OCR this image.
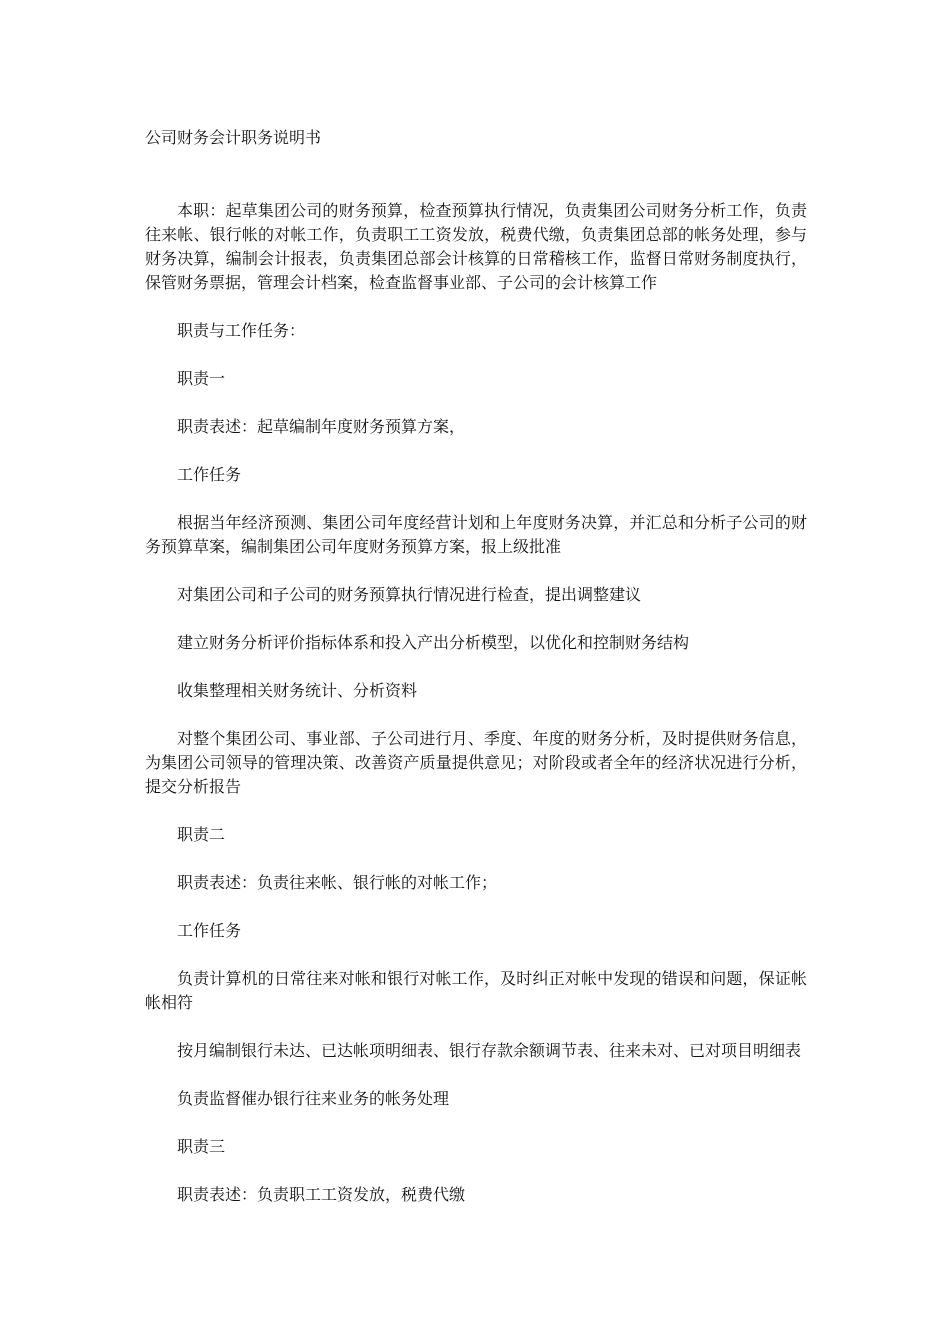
公司财务会计职务说明书

本职：起草集团公司的财务预算，检查预算执行情况，负责集团公司财务分析工作，负责往来帐、银行帐的对帐工作，负责职工工资发放，税费代缴，负责集团总部的帐务处理，参与财务决算，编制会计报表，负责集团总部会计核算的日常稽核工作，监督日常财务制度执行，保管财务票据，管理会计档案，检查监督事业部、子公司的会计核算工作

职责与工作任务：

职责一

职责表述：起草编制年度财务预算方案，

工作任务

根据当年经济预测、集团公司年度经营计划和上年度财务决算，并汇总和分析子公司的财务预算草案，编制集团公司年度财务预算方案，报上级批准

对集团公司和子公司的财务预算执行情况进行检查，提出调整建议

建立财务分析评价指标体系和投入产出分析模型，以优化和控制财务结构

收集整理相关财务统计、分析资料

对整个集团公司、事业部、子公司进行月、季度、年度的财务分析，及时提供财务信息，为集团公司领导的管理决策、改善资产质量提供意见；对阶段或者全年的经济状况进行分析，提交分析报告

职责二

职责表述：负责往来帐、银行帐的对帐工作；

工作任务

负责计算机的日常往来对帐和银行对帐工作，及时纠正对帐中发现的错误和问题，保证帐帐相符

按月编制银行未达、已达帐项明细表、银行存款余额调节表、往来未对、已对项目明细表

负责监督催办银行往来业务的帐务处理

职责三

职责表述：负责职工工资发放，税费代缴
